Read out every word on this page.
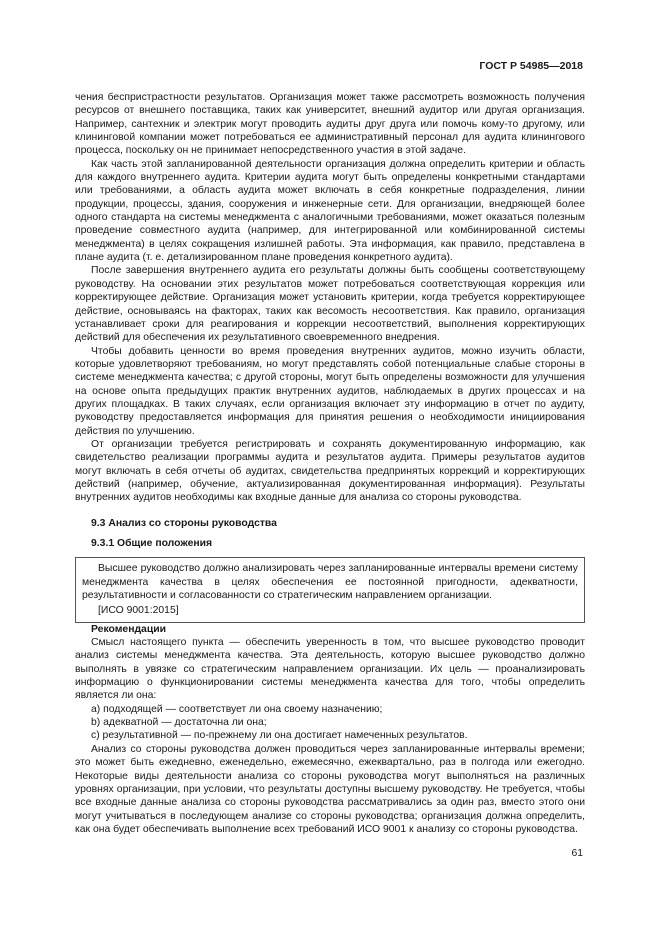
ГОСТ Р 54985—2018

чения беспристрастности результатов. Организация может также рассмотреть возможность получения ресурсов от внешнего поставщика, таких как университет, внешний аудитор или другая организация. Например, сантехник и электрик могут проводить аудиты друг друга или помочь кому-то другому, или клининговой компании может потребоваться ее административный персонал для аудита клинингового процесса, поскольку он не принимает непосредственного участия в этой задаче.

Как часть этой запланированной деятельности организация должна определить критерии и область для каждого внутреннего аудита. Критерии аудита могут быть определены конкретными стандартами или требованиями, а область аудита может включать в себя конкретные подразделения, линии продукции, процессы, здания, сооружения и инженерные сети. Для организации, внедряющей более одного стандарта на системы менеджмента с аналогичными требованиями, может оказаться полезным проведение совместного аудита (например, для интегрированной или комбинированной системы менеджмента) в целях сокращения излишней работы. Эта информация, как правило, представлена в плане аудита (т. е. детализированном плане проведения конкретного аудита).

После завершения внутреннего аудита его результаты должны быть сообщены соответствующему руководству. На основании этих результатов может потребоваться соответствующая коррекция или корректирующее действие. Организация может установить критерии, когда требуется корректирующее действие, основываясь на факторах, таких как весомость несоответствия. Как правило, организация устанавливает сроки для реагирования и коррекции несоответствий, выполнения корректирующих действий для обеспечения их результативного своевременного внедрения.

Чтобы добавить ценности во время проведения внутренних аудитов, можно изучить области, которые удовлетворяют требованиям, но могут представлять собой потенциальные слабые стороны в системе менеджмента качества; с другой стороны, могут быть определены возможности для улучшения на основе опыта предыдущих практик внутренних аудитов, наблюдаемых в других процессах и на других площадках. В таких случаях, если организация включает эту информацию в отчет по аудиту, руководству предоставляется информация для принятия решения о необходимости инициирования действия по улучшению.

От организации требуется регистрировать и сохранять документированную информацию, как свидетельство реализации программы аудита и результатов аудита. Примеры результатов аудитов могут включать в себя отчеты об аудитах, свидетельства предпринятых коррекций и корректирующих действий (например, обучение, актуализированная документированная информация). Результаты внутренних аудитов необходимы как входные данные для анализа со стороны руководства.

9.3 Анализ со стороны руководства

9.3.1 Общие положения

Высшее руководство должно анализировать через запланированные интервалы времени систему менеджмента качества в целях обеспечения ее постоянной пригодности, адекватности, результативности и согласованности со стратегическим направлением организации.

[ИСО 9001:2015]

Рекомендации

Смысл настоящего пункта — обеспечить уверенность в том, что высшее руководство проводит анализ системы менеджмента качества. Эта деятельность, которую высшее руководство должно выполнять в увязке со стратегическим направлением организации. Их цель — проанализировать информацию о функционировании системы менеджмента качества для того, чтобы определить является ли она:

a) подходящей — соответствует ли она своему назначению;

b) адекватной — достаточна ли она;

c) результативной — по-прежнему ли она достигает намеченных результатов.

Анализ со стороны руководства должен проводиться через запланированные интервалы времени; это может быть ежедневно, еженедельно, ежемесячно, ежеквартально, раз в полгода или ежегодно. Некоторые виды деятельности анализа со стороны руководства могут выполняться на различных уровнях организации, при условии, что результаты доступны высшему руководству. Не требуется, чтобы все входные данные анализа со стороны руководства рассматривались за один раз, вместо этого они могут учитываться в последующем анализе со стороны руководства; организация должна определить, как она будет обеспечивать выполнение всех требований ИСО 9001 к анализу со стороны руководства.

61
